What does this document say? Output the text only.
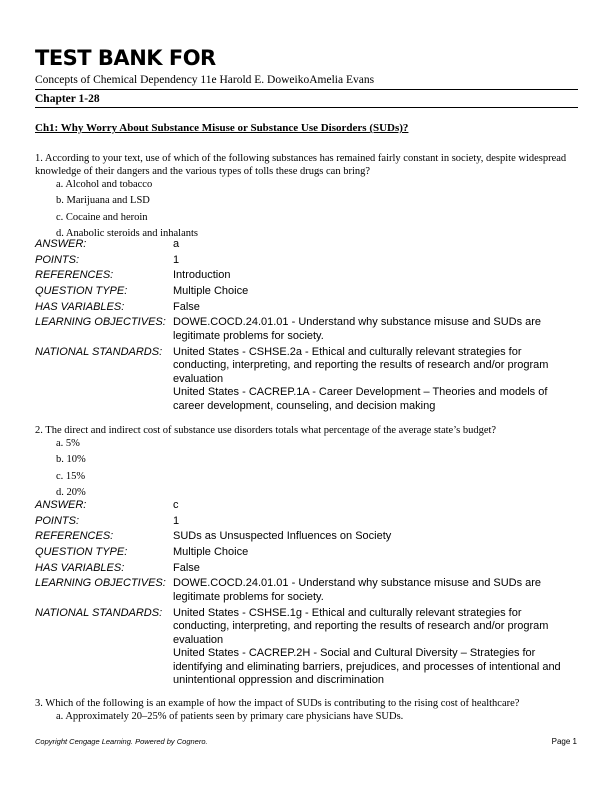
TEST BANK FOR
Concepts of Chemical Dependency 11e Harold E. DoweikoAmelia Evans
Chapter 1-28
Ch1: Why Worry About Substance Misuse or Substance Use Disorders (SUDs)?
1. According to your text, use of which of the following substances has remained fairly constant in society, despite widespread knowledge of their dangers and the various types of tolls these drugs can bring?
a. Alcohol and tobacco
b. Marijuana and LSD
c. Cocaine and heroin
d. Anabolic steroids and inhalants
ANSWER:	a
POINTS:	1
REFERENCES:	Introduction
QUESTION TYPE:	Multiple Choice
HAS VARIABLES:	False
LEARNING OBJECTIVES: DOWE.COCD.24.01.01 - Understand why substance misuse and SUDs are legitimate problems for society.
NATIONAL STANDARDS: United States - CSHSE.2a - Ethical and culturally relevant strategies for conducting, interpreting, and reporting the results of research and/or program evaluation
United States - CACREP.1A - Career Development – Theories and models of career development, counseling, and decision making
2. The direct and indirect cost of substance use disorders totals what percentage of the average state’s budget?
a. 5%
b. 10%
c. 15%
d. 20%
ANSWER:	c
POINTS:	1
REFERENCES:	SUDs as Unsuspected Influences on Society
QUESTION TYPE:	Multiple Choice
HAS VARIABLES:	False
LEARNING OBJECTIVES: DOWE.COCD.24.01.01 - Understand why substance misuse and SUDs are legitimate problems for society.
NATIONAL STANDARDS: United States - CSHSE.1g - Ethical and culturally relevant strategies for conducting, interpreting, and reporting the results of research and/or program evaluation
United States - CACREP.2H - Social and Cultural Diversity – Strategies for identifying and eliminating barriers, prejudices, and processes of intentional and unintentional oppression and discrimination
3. Which of the following is an example of how the impact of SUDs is contributing to the rising cost of healthcare?
a. Approximately 20–25% of patients seen by primary care physicians have SUDs.
Copyright Cengage Learning. Powered by Cognero.	Page 1
